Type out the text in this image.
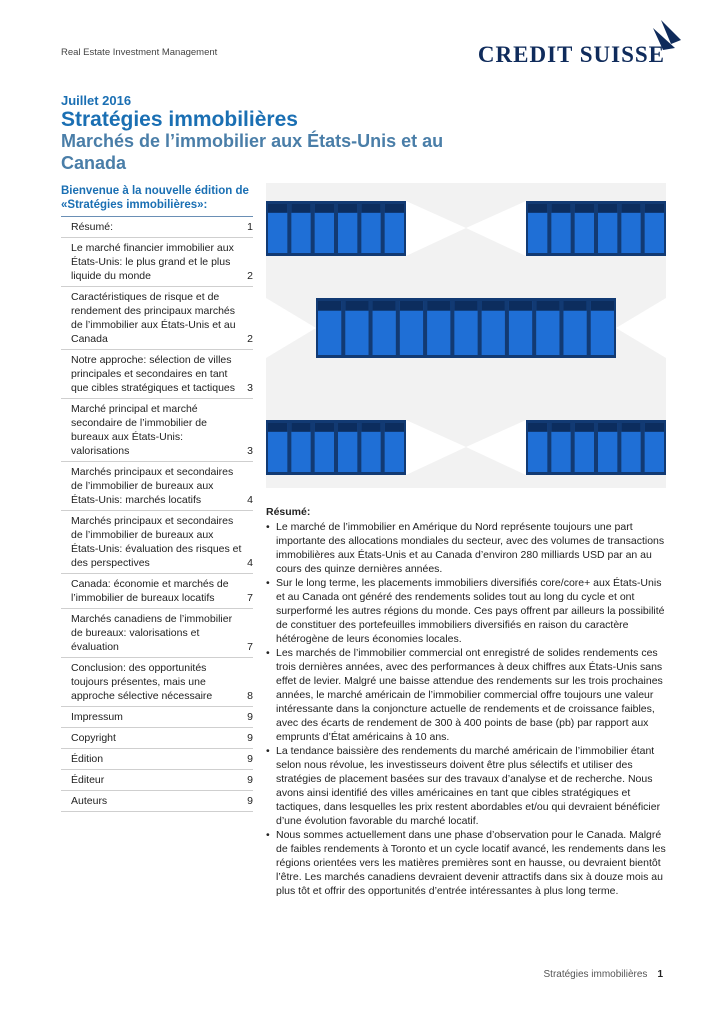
Real Estate Investment Management	CREDIT SUISSE
Juillet 2016
Stratégies immobilières
Marchés de l’immobilier aux États-Unis et au Canada
Bienvenue à la nouvelle édition de «Stratégies immobilières»:
Résumé:	1
Le marché financier immobilier aux États-Unis: le plus grand et le plus liquide du monde	2
Caractéristiques de risque et de rendement des principaux marchés de l’immobilier aux États-Unis et au Canada	2
Notre approche: sélection de villes principales et secondaires en tant que cibles stratégiques et tactiques	3
Marché principal et marché secondaire de l’immobilier de bureaux aux États-Unis: valorisations	3
Marchés principaux et secondaires de l’immobilier de bureaux aux États-Unis: marchés locatifs	4
Marchés principaux et secondaires de l’immobilier de bureaux aux États-Unis: évaluation des risques et des perspectives	4
Canada: économie et marchés de l’immobilier de bureaux locatifs	7
Marchés canadiens de l’immobilier de bureaux: valorisations et évaluation	7
Conclusion: des opportunités toujours présentes, mais une approche sélective nécessaire	8
Impressum	9
Copyright	9
Édition	9
Éditeur	9
Auteurs	9
Résumé:
• Le marché de l’immobilier en Amérique du Nord représente toujours une part importante des allocations mondiales du secteur, avec des volumes de transactions immobilières aux États-Unis et au Canada d’environ 280 milliards USD par an au cours des quinze dernières années.
• Sur le long terme, les placements immobiliers diversifiés core/core+ aux États-Unis et au Canada ont généré des rendements solides tout au long du cycle et ont surperformé les autres régions du monde. Ces pays offrent par ailleurs la possibilité de constituer des portefeuilles immobiliers diversifiés en raison du caractère hétérogène de leurs économies locales.
• Les marchés de l’immobilier commercial ont enregistré de solides rendements ces trois dernières années, avec des performances à deux chiffres aux États-Unis sans effet de levier. Malgré une baisse attendue des rendements sur les trois prochaines années, le marché américain de l’immobilier commercial offre toujours une valeur intéressante dans la conjoncture actuelle de rendements et de croissance faibles, avec des écarts de rendement de 300 à 400 points de base (pb) par rapport aux emprunts d’État américains à 10 ans.
• La tendance baissière des rendements du marché américain de l’immobilier étant selon nous révolue, les investisseurs doivent être plus sélectifs et utiliser des stratégies de placement basées sur des travaux d’analyse et de recherche. Nous avons ainsi identifié des villes américaines en tant que cibles stratégiques et tactiques, dans lesquelles les prix restent abordables et/ou qui devraient bénéficier d’une évolution favorable du marché locatif.
• Nous sommes actuellement dans une phase d’observation pour le Canada. Malgré de faibles rendements à Toronto et un cycle locatif avancé, les rendements dans les régions orientées vers les matières premières sont en hausse, ou devraient bientôt l’être. Les marchés canadiens devraient devenir attractifs dans six à douze mois au plus tôt et offrir des opportunités d’entrée intéressantes à plus long terme.
Stratégies immobilières 1
